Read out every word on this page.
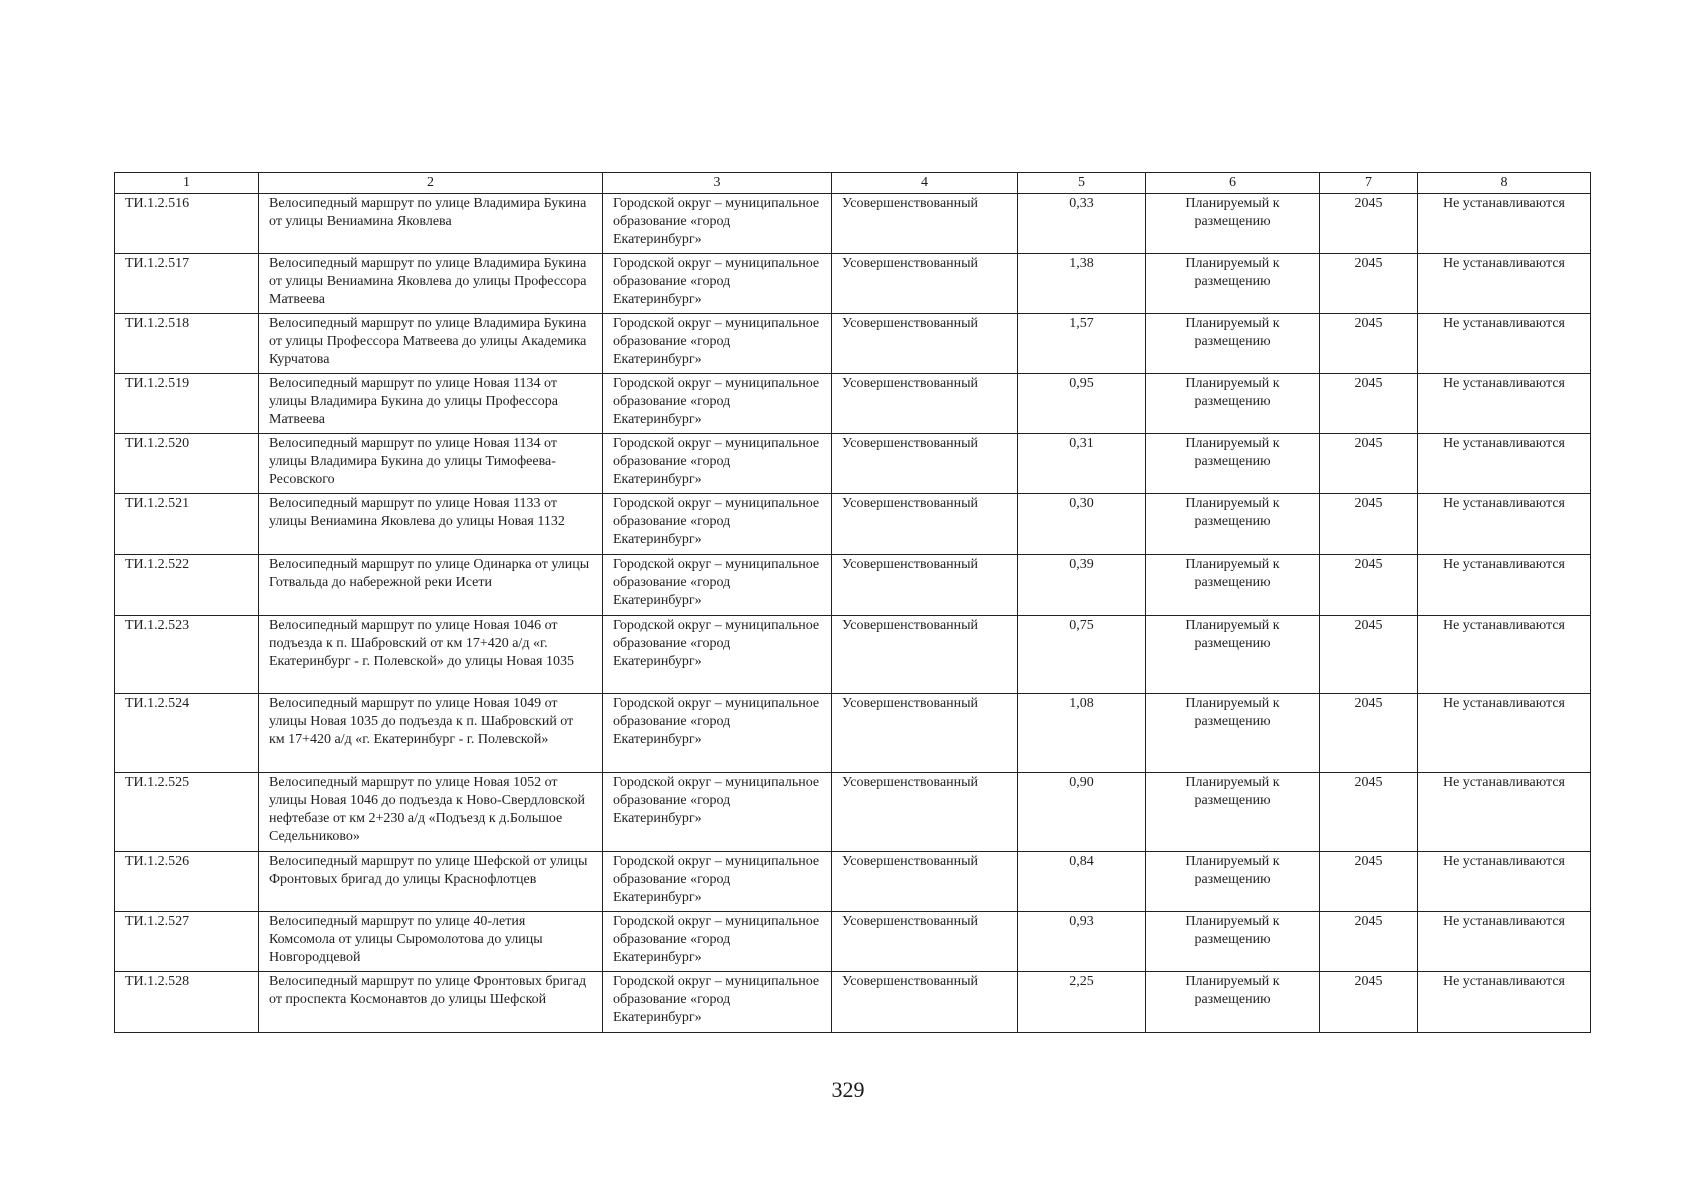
1	2	3	4	5	6	7	8
ТИ.1.2.516	Велосипедный маршрут по улице Владимира Букина от улицы Вениамина Яковлева	Городской округ – муниципальное образование «город Екатеринбург»	Усовершенствованный	0,33	Планируемый к размещению	2045	Не устанавливаются
ТИ.1.2.517	Велосипедный маршрут по улице Владимира Букина от улицы Вениамина Яковлева до улицы Профессора Матвеева	Городской округ – муниципальное образование «город Екатеринбург»	Усовершенствованный	1,38	Планируемый к размещению	2045	Не устанавливаются
ТИ.1.2.518	Велосипедный маршрут по улице Владимира Букина от улицы Профессора Матвеева до улицы Академика Курчатова	Городской округ – муниципальное образование «город Екатеринбург»	Усовершенствованный	1,57	Планируемый к размещению	2045	Не устанавливаются
ТИ.1.2.519	Велосипедный маршрут по улице Новая 1134 от улицы Владимира Букина до улицы Профессора Матвеева	Городской округ – муниципальное образование «город Екатеринбург»	Усовершенствованный	0,95	Планируемый к размещению	2045	Не устанавливаются
ТИ.1.2.520	Велосипедный маршрут по улице Новая 1134 от улицы Владимира Букина до улицы Тимофеева-Ресовского	Городской округ – муниципальное образование «город Екатеринбург»	Усовершенствованный	0,31	Планируемый к размещению	2045	Не устанавливаются
ТИ.1.2.521	Велосипедный маршрут по улице Новая 1133 от улицы Вениамина Яковлева до улицы Новая 1132	Городской округ – муниципальное образование «город Екатеринбург»	Усовершенствованный	0,30	Планируемый к размещению	2045	Не устанавливаются
ТИ.1.2.522	Велосипедный маршрут по улице Одинарка от улицы Готвальда до набережной реки Исети	Городской округ – муниципальное образование «город Екатеринбург»	Усовершенствованный	0,39	Планируемый к размещению	2045	Не устанавливаются
ТИ.1.2.523	Велосипедный маршрут по улице Новая 1046 от подъезда к п. Шабровский от км 17+420 а/д «г. Екатеринбург - г. Полевской» до улицы Новая 1035	Городской округ – муниципальное образование «город Екатеринбург»	Усовершенствованный	0,75	Планируемый к размещению	2045	Не устанавливаются
ТИ.1.2.524	Велосипедный маршрут по улице Новая 1049 от улицы Новая 1035 до подъезда к п. Шабровский от км 17+420 а/д «г. Екатеринбург - г. Полевской»	Городской округ – муниципальное образование «город Екатеринбург»	Усовершенствованный	1,08	Планируемый к размещению	2045	Не устанавливаются
ТИ.1.2.525	Велосипедный маршрут по улице Новая 1052 от улицы Новая 1046 до подъезда к Ново-Свердловской нефтебазе от км 2+230 а/д «Подъезд к д.Большое Седельниково»	Городской округ – муниципальное образование «город Екатеринбург»	Усовершенствованный	0,90	Планируемый к размещению	2045	Не устанавливаются
ТИ.1.2.526	Велосипедный маршрут по улице Шефской от улицы Фронтовых бригад до улицы Краснофлотцев	Городской округ – муниципальное образование «город Екатеринбург»	Усовершенствованный	0,84	Планируемый к размещению	2045	Не устанавливаются
ТИ.1.2.527	Велосипедный маршрут по улице 40-летия Комсомола от улицы Сыромолотова до улицы Новгородцевой	Городской округ – муниципальное образование «город Екатеринбург»	Усовершенствованный	0,93	Планируемый к размещению	2045	Не устанавливаются
ТИ.1.2.528	Велосипедный маршрут по улице Фронтовых бригад от проспекта Космонавтов до улицы Шефской	Городской округ – муниципальное образование «город Екатеринбург»	Усовершенствованный	2,25	Планируемый к размещению	2045	Не устанавливаются
329
